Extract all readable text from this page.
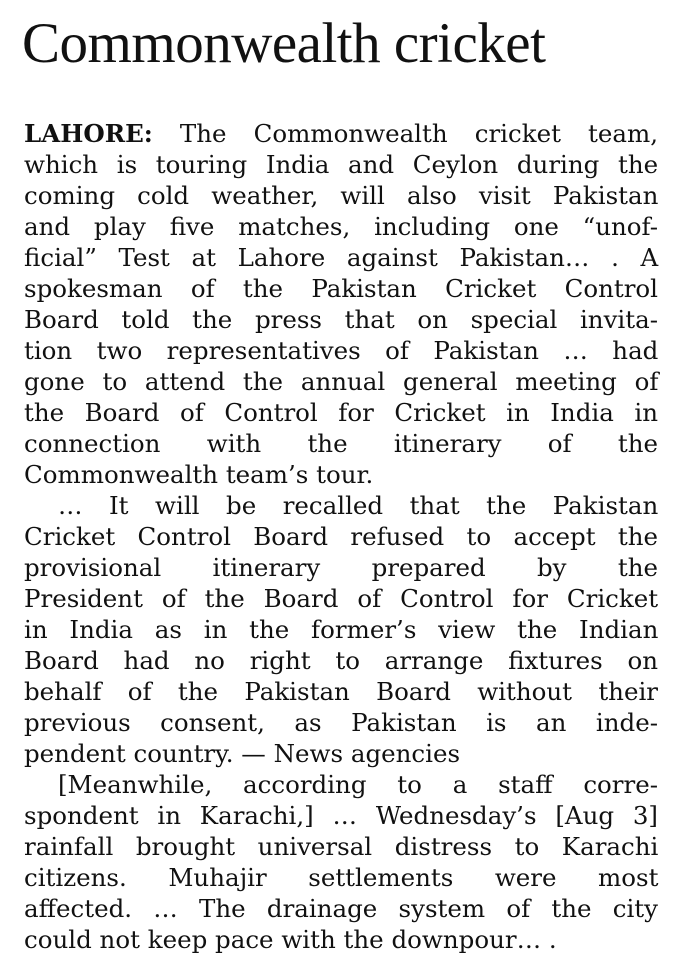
Commonwealth cricket
LAHORE: The Commonwealth cricket team,
which is touring India and Ceylon during the
coming cold weather, will also visit Pakistan
and play five matches, including one “unof-
ficial” Test at Lahore against Pakistan… . A
spokesman of the Pakistan Cricket Control
Board told the press that on special invita-
tion two representatives of Pakistan … had
gone to attend the annual general meeting of
the Board of Control for Cricket in India in
connection with the itinerary of the
Commonwealth team’s tour.
… It will be recalled that the Pakistan
Cricket Control Board refused to accept the
provisional itinerary prepared by the
President of the Board of Control for Cricket
in India as in the former’s view the Indian
Board had no right to arrange fixtures on
behalf of the Pakistan Board without their
previous consent, as Pakistan is an inde-
pendent country. — News agencies
[Meanwhile, according to a staff corre-
spondent in Karachi,] … Wednesday’s [Aug 3]
rainfall brought universal distress to Karachi
citizens. Muhajir settlements were most
affected. … The drainage system of the city
could not keep pace with the downpour… .
